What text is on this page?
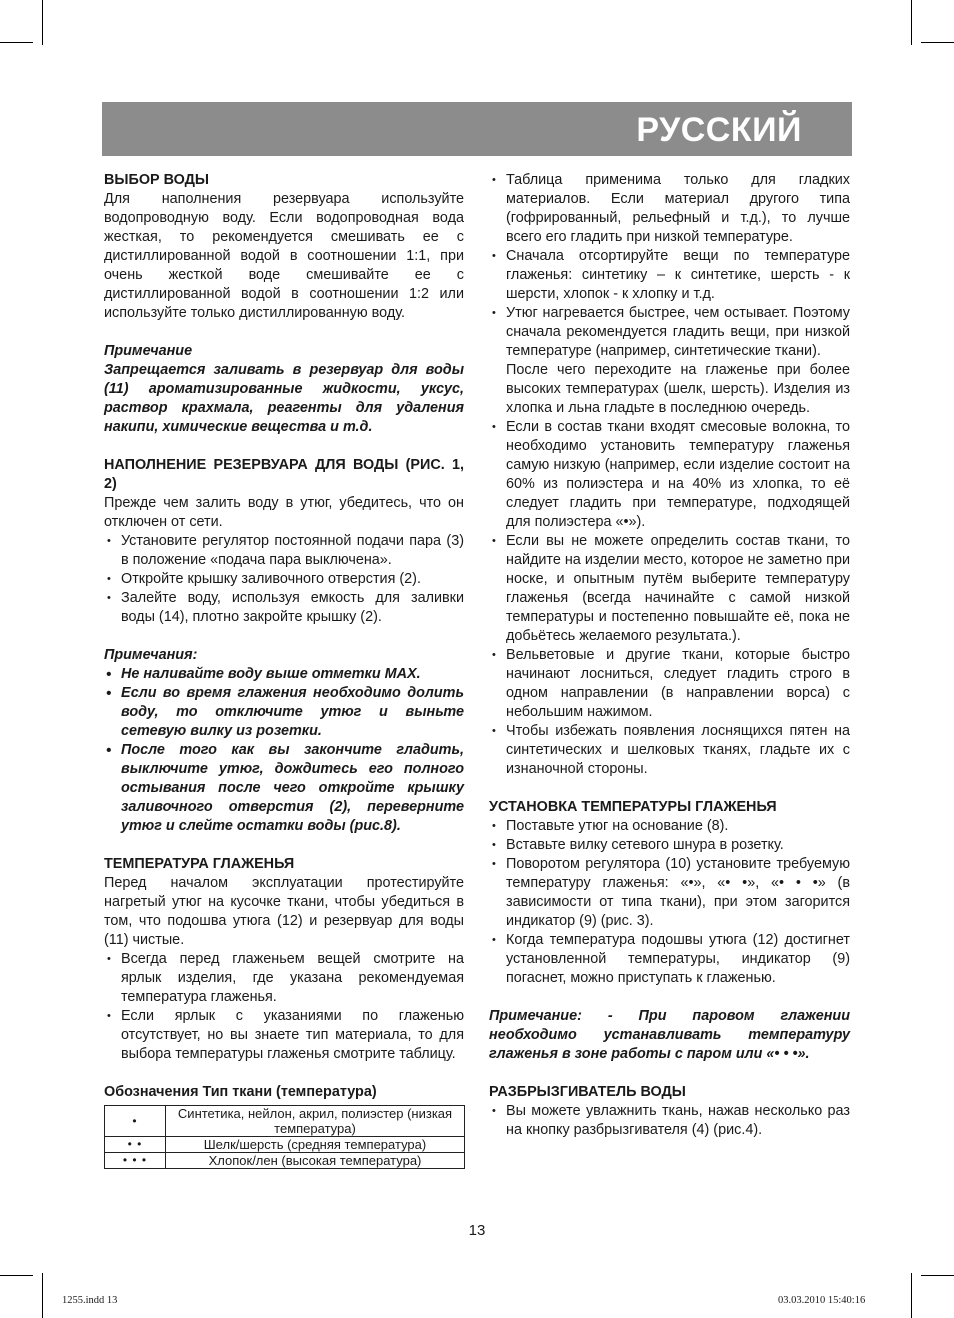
РУССКИЙ

ВЫБОР ВОДЫ

Для наполнения резервуара используйте водопроводную воду. Если водопроводная вода жесткая, то рекомендуется смешивать ее с дистиллированной водой в соотношении 1:1, при очень жесткой воде смешивайте ее с дистиллированной водой в соотношении 1:2 или используйте только дистиллированную воду.

Примечание

Запрещается заливать в резервуар для воды (11) ароматизированные жидкости, уксус, раствор крахмала, реагенты для удаления накипи, химические вещества и т.д.

НАПОЛНЕНИЕ РЕЗЕРВУАРА ДЛЯ ВОДЫ (РИС. 1, 2)

Прежде чем залить воду в утюг, убедитесь, что он отключен от сети.

• Установите регулятор постоянной подачи пара (3) в положение «подача пара выключена».
• Откройте крышку заливочного отверстия (2).
• Залейте воду, используя емкость для заливки воды (14), плотно закройте крышку (2).

Примечания:

• Не наливайте воду выше отметки MAX.
• Если во время глажения необходимо долить воду, то отключите утюг и выньте сетевую вилку из розетки.
• После того как вы закончите гладить, выключите утюг, дождитесь его полного остывания после чего откройте крышку заливочного отверстия (2), переверните утюг и слейте остатки воды (рис.8).

ТЕМПЕРАТУРА ГЛАЖЕНЬЯ

Перед началом эксплуатации протестируйте нагретый утюг на кусочке ткани, чтобы убедиться в том, что подошва утюга (12) и резервуар для воды (11) чистые.

• Всегда перед глаженьем вещей смотрите на ярлык изделия, где указана рекомендуемая температура глаженья.
• Если ярлык с указаниями по глаженью отсутствует, но вы знаете тип материала, то для выбора температуры глаженья смотрите таблицу.

Обозначения Тип ткани (температура)

•	Синтетика, нейлон, акрил, полиэстер (низкая температура)
• •	Шелк/шерсть (средняя температура)
• • •	Хлопок/лен (высокая температура)
• Таблица применима только для гладких материалов. Если материал другого типа (гофрированный, рельефный и т.д.), то лучше всего его гладить при низкой температуре.
• Сначала отсортируйте вещи по температуре глаженья: синтетику – к синтетике, шерсть - к шерсти, хлопок - к хлопку и т.д.
• Утюг нагревается быстрее, чем остывает. Поэтому сначала рекомендуется гладить вещи, при низкой температуре (например, синтетические ткани).
После чего переходите на глаженье при более высоких температурах (шелк, шерсть). Изделия из хлопка и льна гладьте в последнюю очередь.
• Если в состав ткани входят смесовые волокна, то необходимо установить температуру глаженья самую низкую (например, если изделие состоит на 60% из полиэстера и на 40% из хлопка, то её следует гладить при температуре, подходящей для полиэстера «•»).
• Если вы не можете определить состав ткани, то найдите на изделии место, которое не заметно при носке, и опытным путём выберите температуру глаженья (всегда начинайте с самой низкой температуры и постепенно повышайте её, пока не добьётесь желаемого результата.).
• Вельветовые и другие ткани, которые быстро начинают лосниться, следует гладить строго в одном направлении (в направлении ворса) с небольшим нажимом.
• Чтобы избежать появления лоснящихся пятен на синтетических и шелковых тканях, гладьте их с изнаночной стороны.

УСТАНОВКА ТЕМПЕРАТУРЫ ГЛАЖЕНЬЯ

• Поставьте утюг на основание (8).
• Вставьте вилку сетевого шнура в розетку.
• Поворотом регулятора (10) установите требуемую температуру глаженья: «•», «• •», «• • •» (в зависимости от типа ткани), при этом загорится индикатор (9) (рис. 3).
• Когда температура подошвы утюга (12) достигнет установленной температуры, индикатор (9) погаснет, можно приступать к глаженью.

Примечание: - При паровом глажении необходимо устанавливать температуру глаженья в зоне работы с паром или «• • •».

РАЗБРЫЗГИВАТЕЛЬ ВОДЫ

• Вы можете увлажнить ткань, нажав несколько раз на кнопку разбрызгивателя (4) (рис.4).
13
1255.indd 13	03.03.2010 15:40:16
